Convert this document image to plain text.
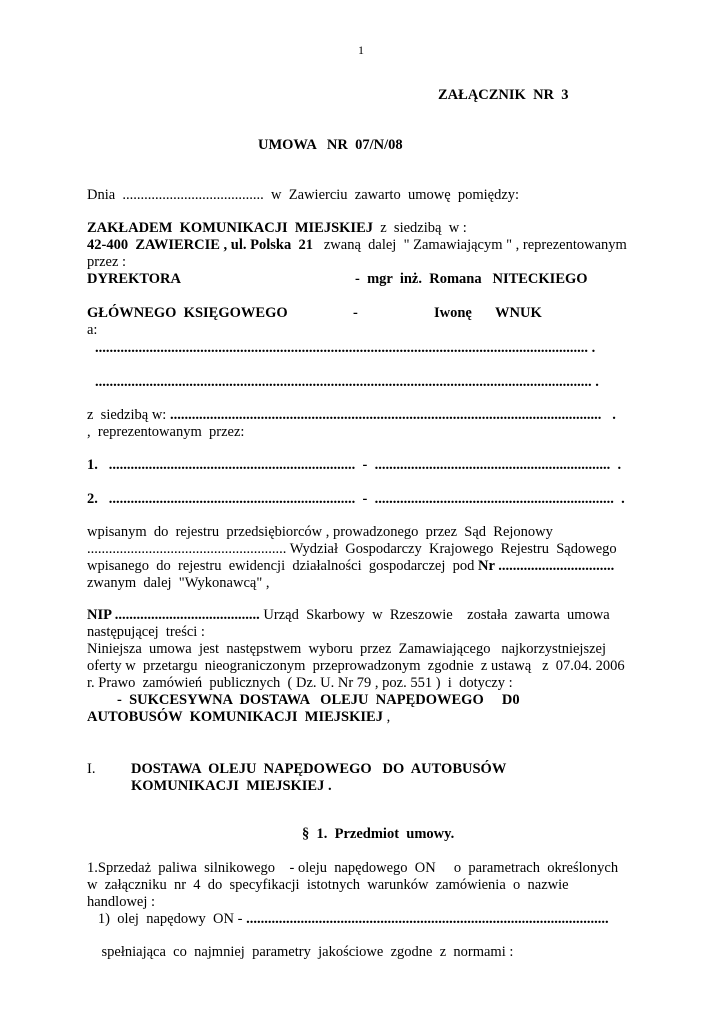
1
ZAŁĄCZNIK  NR  3
UMOWA   NR  07/N/08
Dnia  .......................................  w  Zawierciu  zawarto  umowę  pomiędzy:
ZAKŁADEM  KOMUNIKACJI  MIEJSKIEJ  z  siedzibą  w :
42-400  ZAWIERCIE , ul. Polska  21   zwaną  dalej  " Zamawiającym " , reprezentowanym
przez :
DYREKTORA	-  mgr  inż.  Romana   NITECKIEGO
GŁÓWNEGO  KSIĘGOWEGO	-	Iwonę WNUK
a:
........................................................................................................................................ .
......................................................................................................................................... .
z  siedzibą w: .......................................................................................................................   .
,  reprezentowanym  przez:
1.   ....................................................................  -  .................................................................  .
2.   ....................................................................  -  ..................................................................  .
wpisanym  do  rejestru  przedsiębiorców , prowadzonego  przez  Sąd  Rejonowy
....................................................... Wydział  Gospodarczy  Krajowego  Rejestru  Sądowego
wpisanego  do  rejestru  ewidencji  działalności  gospodarczej  pod Nr ................................
zwanym  dalej  "Wykonawcą" ,
NIP ........................................ Urząd  Skarbowy  w  Rzeszowie    została  zawarta  umowa
następującej  treści :
Niniejsza  umowa  jest  następstwem  wyboru  przez  Zamawiającego   najkorzystniejszej
oferty w  przetargu  nieograniczonym  przeprowadzonym  zgodnie  z ustawą   z  07.04. 2006
r. Prawo  zamówień  publicznych  ( Dz. U. Nr 79 , poz. 551 )  i  dotyczy :
-  SUKCESYWNA  DOSTAWA   OLEJU  NAPĘDOWEGO     D0
AUTOBUSÓW  KOMUNIKACJI  MIEJSKIEJ ,
I. DOSTAWA  OLEJU  NAPĘDOWEGO   DO  AUTOBUSÓW
KOMUNIKACJI  MIEJSKIEJ .
§  1.  Przedmiot  umowy.
1.Sprzedaż  paliwa  silnikowego    - oleju  napędowego  ON     o  parametrach  określonych
w  załączniku  nr  4  do  specyfikacji  istotnych  warunków  zamówienia  o  nazwie
handlowej :
1)  olej  napędowy  ON - ....................................................................................................
spełniająca  co  najmniej  parametry  jakościowe  zgodne  z  normami :
